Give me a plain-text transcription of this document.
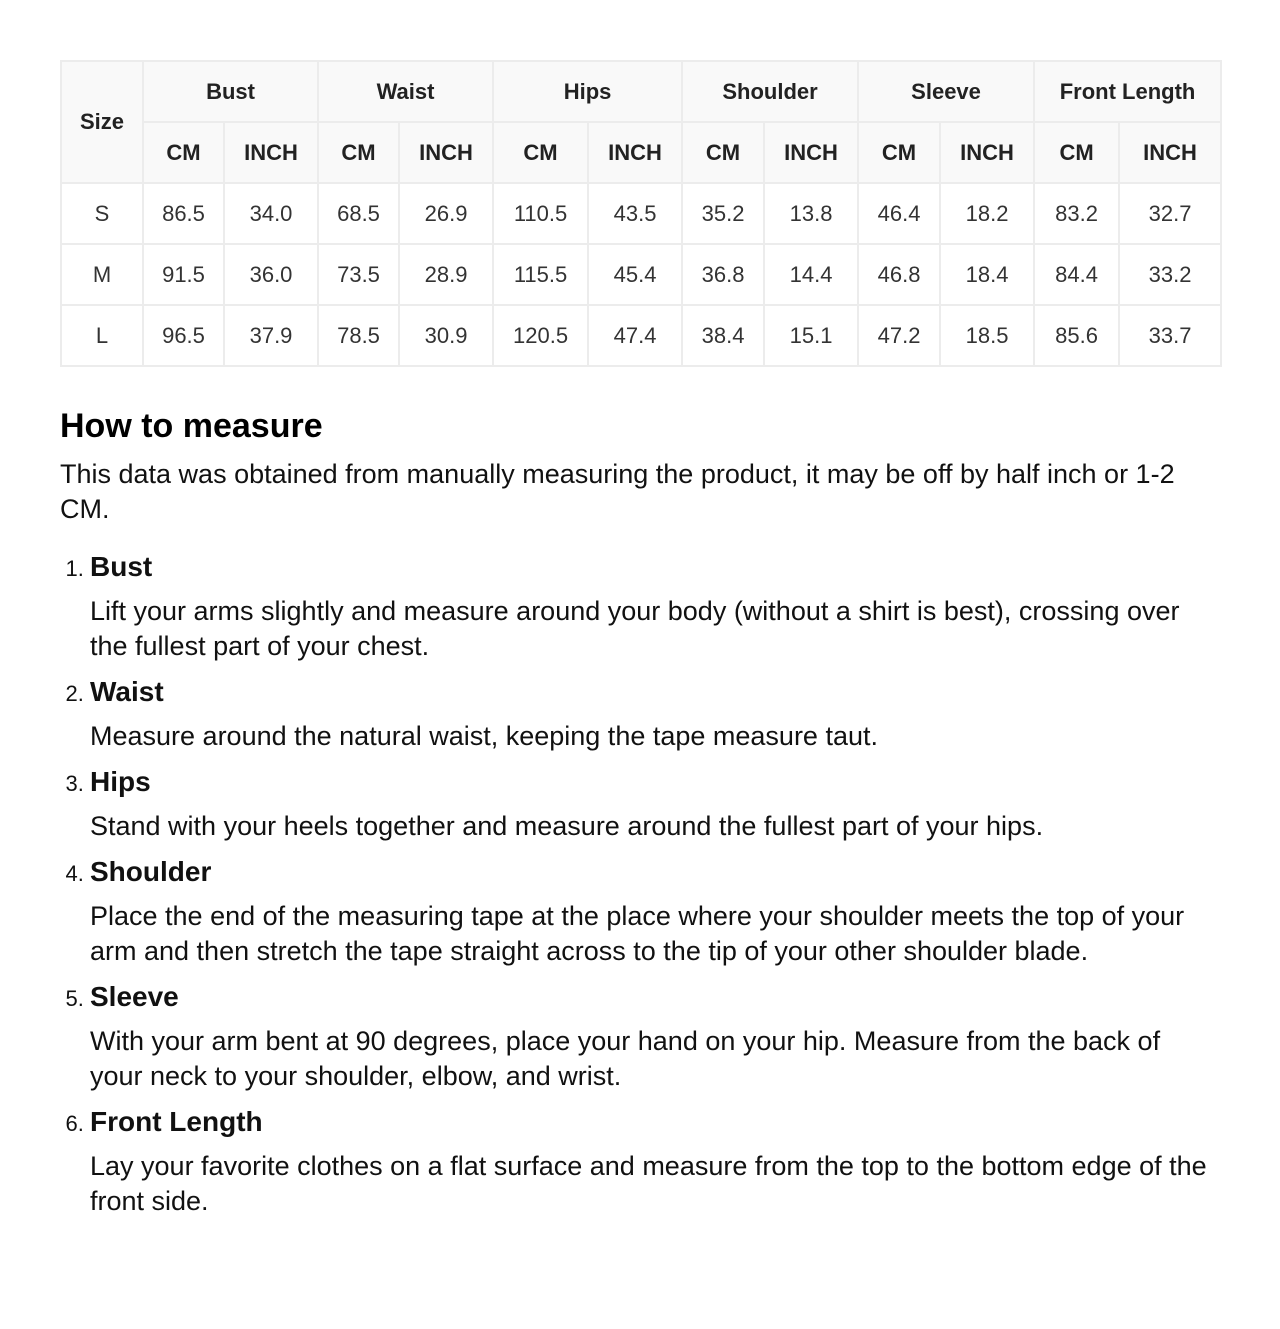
Size	Bust		Waist		Hips		Shoulder		Sleeve		Front Length	
	CM	INCH	CM	INCH	CM	INCH	CM	INCH	CM	INCH	CM	INCH
S	86.5	34.0	68.5	26.9	110.5	43.5	35.2	13.8	46.4	18.2	83.2	32.7
M	91.5	36.0	73.5	28.9	115.5	45.4	36.8	14.4	46.8	18.4	84.4	33.2
L	96.5	37.9	78.5	30.9	120.5	47.4	38.4	15.1	47.2	18.5	85.6	33.7
How to measure

This data was obtained from manually measuring the product, it may be off by half inch or 1-2 CM.

1. Bust
Lift your arms slightly and measure around your body (without a shirt is best), crossing over the fullest part of your chest.
2. Waist
Measure around the natural waist, keeping the tape measure taut.
3. Hips
Stand with your heels together and measure around the fullest part of your hips.
4. Shoulder
Place the end of the measuring tape at the place where your shoulder meets the top of your arm and then stretch the tape straight across to the tip of your other shoulder blade.
5. Sleeve
With your arm bent at 90 degrees, place your hand on your hip. Measure from the back of your neck to your shoulder, elbow, and wrist.
6. Front Length
Lay your favorite clothes on a flat surface and measure from the top to the bottom edge of the front side.
